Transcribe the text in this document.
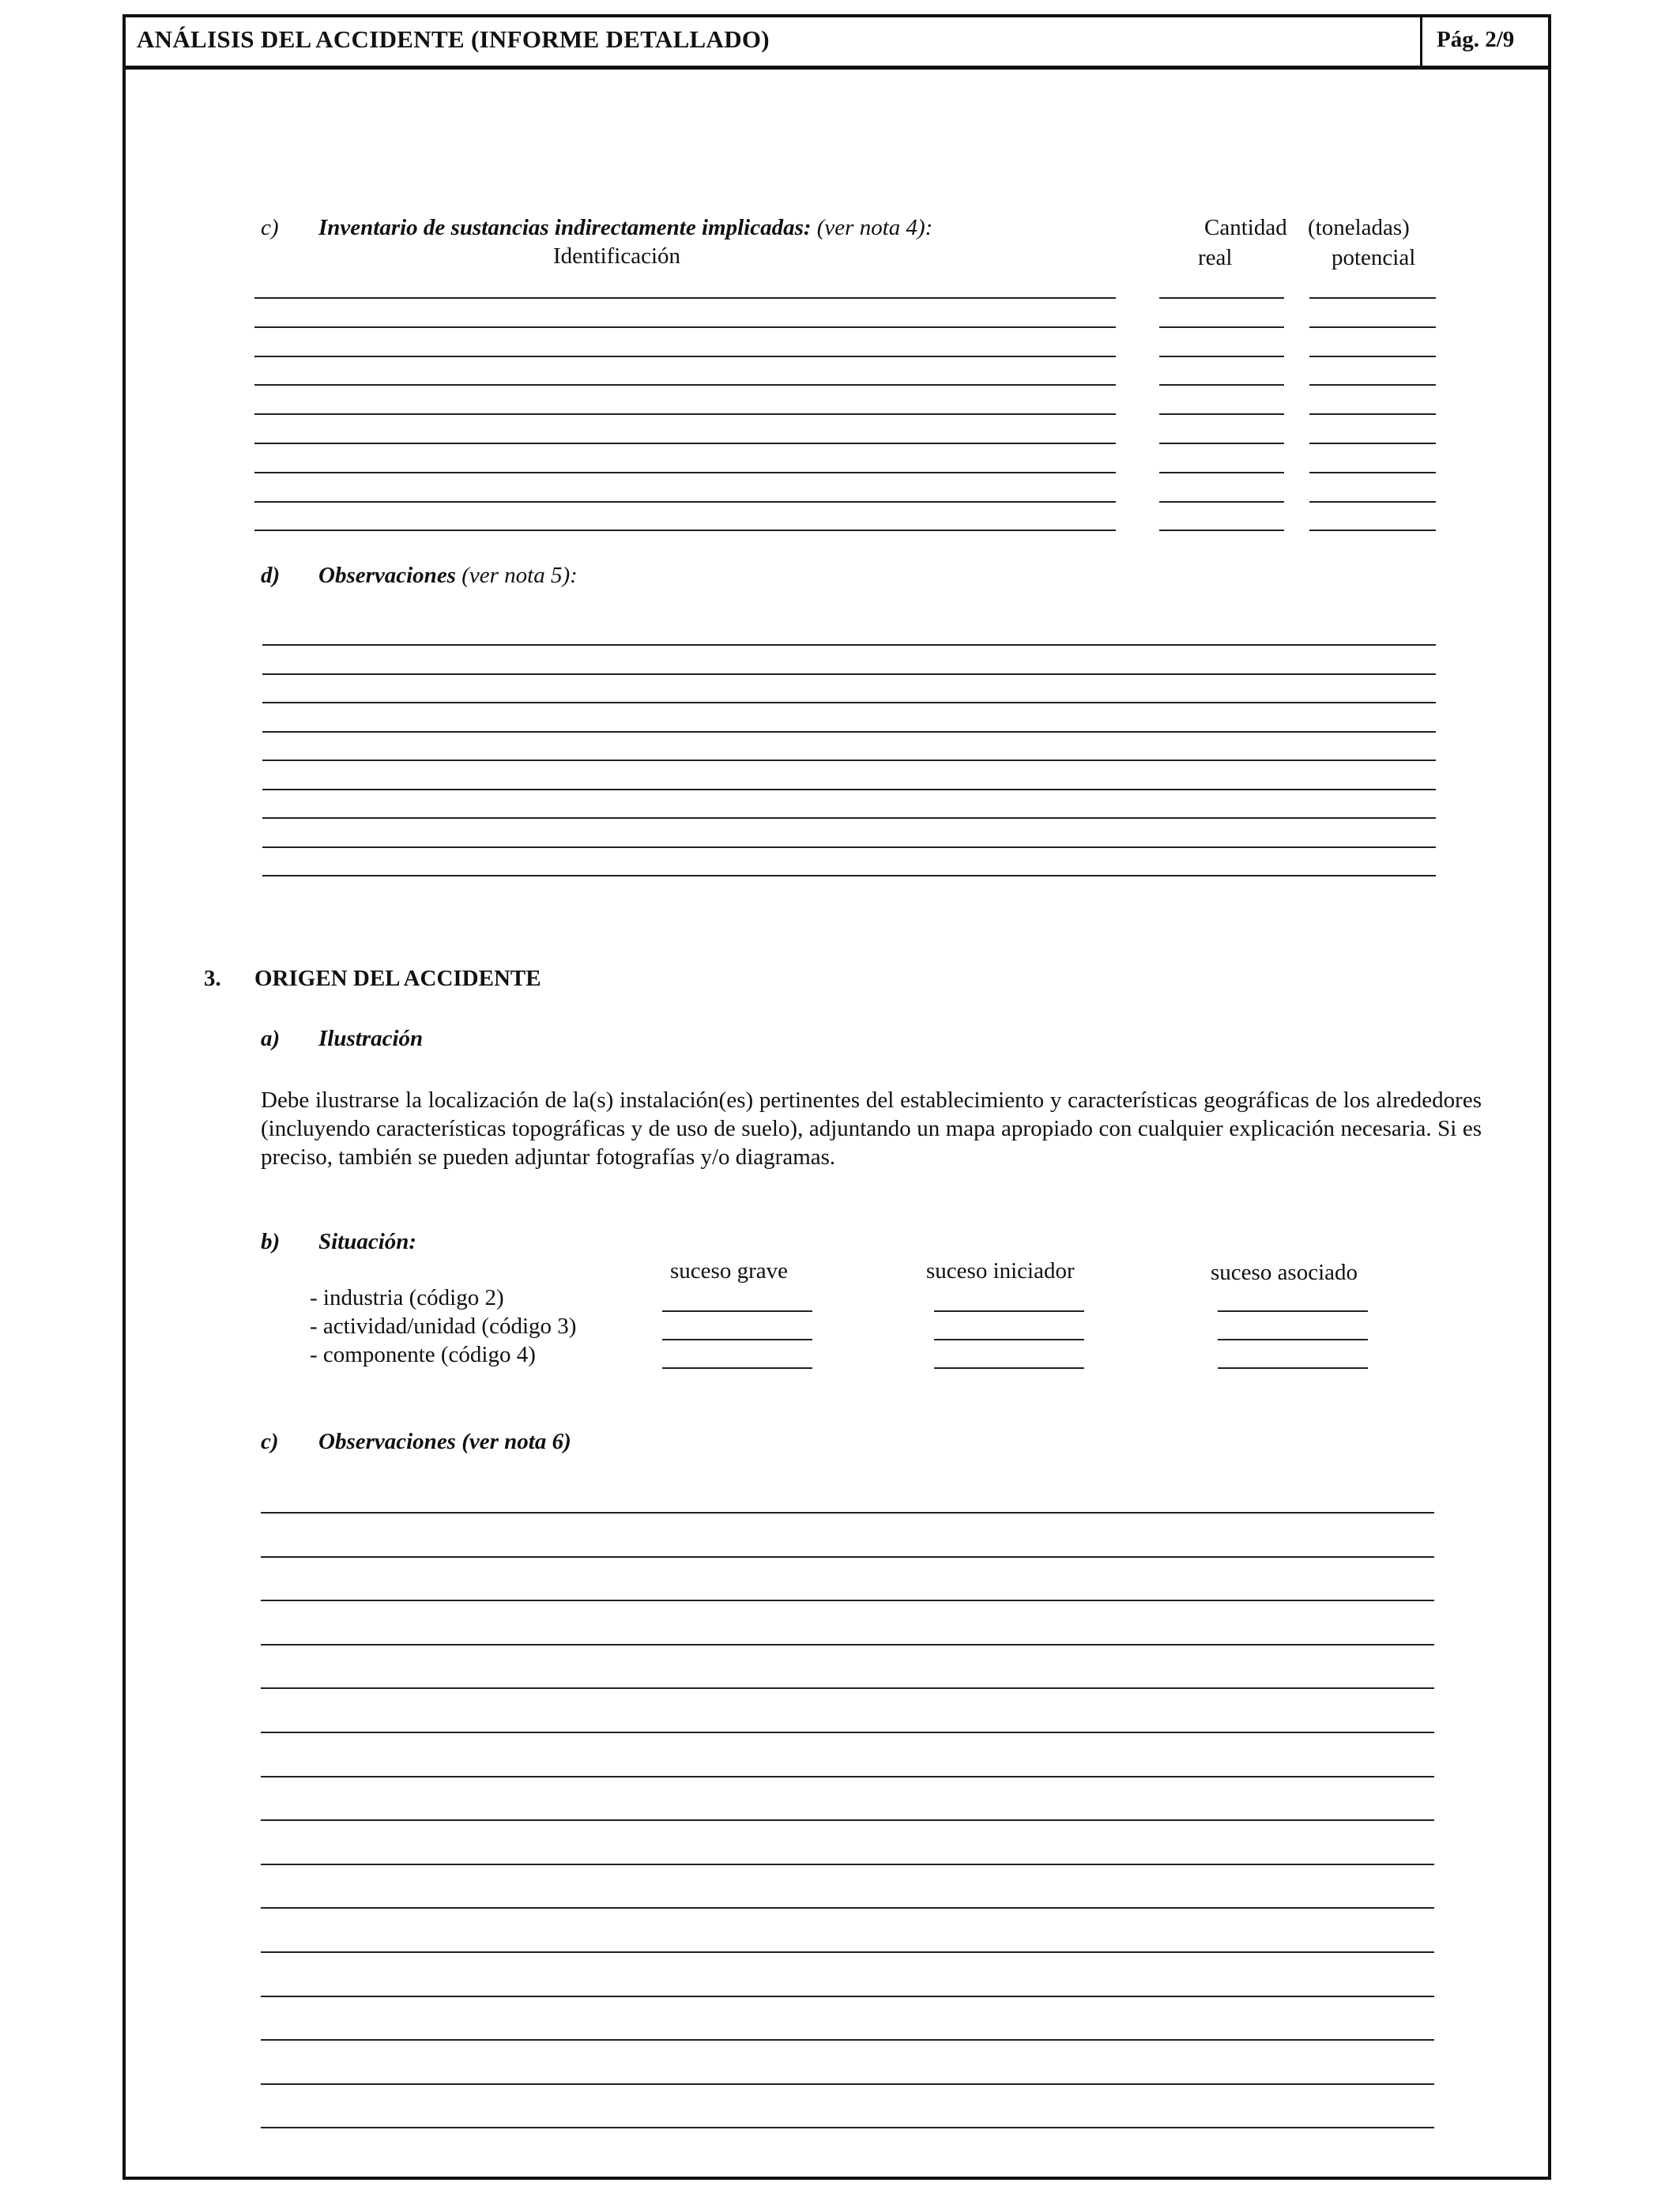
ANÁLISIS DEL ACCIDENTE (INFORME DETALLADO)	Pág. 2/9
c) Inventario de sustancias indirectamente implicadas: (ver nota 4):
Identificación
Cantidad (toneladas)
real	potencial
d) Observaciones (ver nota 5):
3. ORIGEN DEL ACCIDENTE
a) Ilustración
Debe ilustrarse la localización de la(s) instalación(es) pertinentes del establecimiento y características geográficas de los alrededores (incluyendo características topográficas y de uso de suelo), adjuntando un mapa apropiado con cualquier explicación necesaria. Si es preciso, también se pueden adjuntar fotografías y/o diagramas.
b) Situación:
suceso grave	suceso iniciador	suceso asociado
- industria (código 2)
- actividad/unidad (código 3)
- componente (código 4)
c) Observaciones (ver nota 6)
